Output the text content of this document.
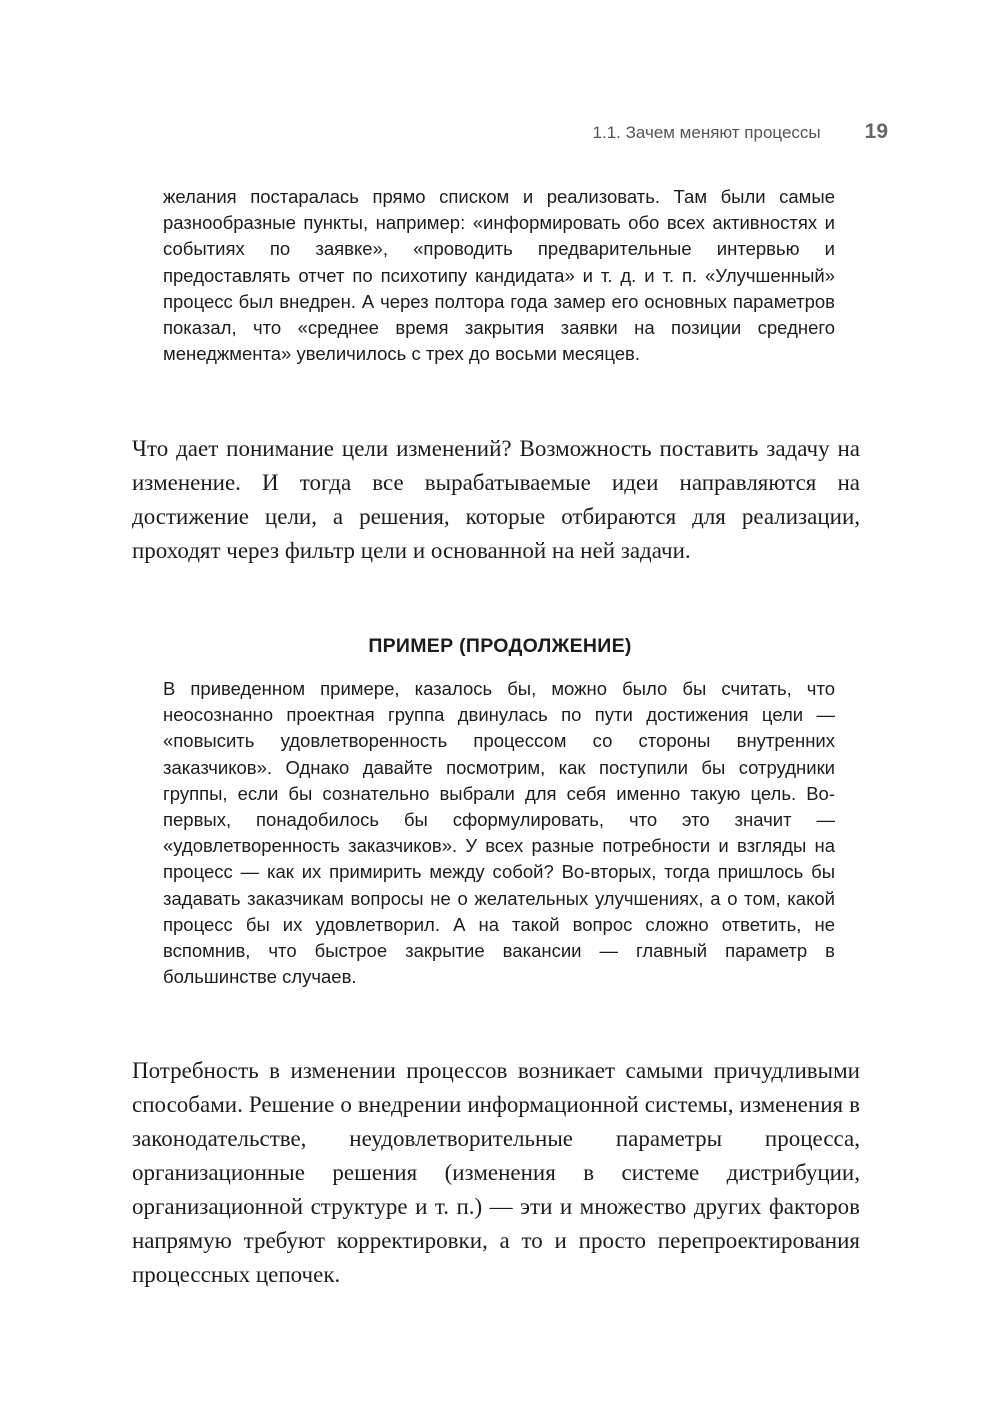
1.1. Зачем меняют процессы 19

желания постаралась прямо списком и реализовать. Там были самые разнообразные пункты, например: «информировать обо всех активностях и событиях по заявке», «проводить предварительные интервью и предоставлять отчет по психотипу кандидата» и т. д. и т. п. «Улучшенный» процесс был внедрен. А через полтора года замер его основных параметров показал, что «среднее время закрытия заявки на позиции среднего менеджмента» увеличилось с трех до восьми месяцев.

Что дает понимание цели изменений? Возможность поставить задачу на изменение. И тогда все вырабатываемые идеи направляются на достижение цели, а решения, которые отбираются для реализации, проходят через фильтр цели и основанной на ней задачи.

ПРИМЕР (ПРОДОЛЖЕНИЕ)

В приведенном примере, казалось бы, можно было бы считать, что неосознанно проектная группа двинулась по пути достижения цели — «повысить удовлетворенность процессом со стороны внутренних заказчиков». Однако давайте посмотрим, как поступили бы сотрудники группы, если бы сознательно выбрали для себя именно такую цель. Во-первых, понадобилось бы сформулировать, что это значит — «удовлетворенность заказчиков». У всех разные потребности и взгляды на процесс — как их примирить между собой? Во-вторых, тогда пришлось бы задавать заказчикам вопросы не о желательных улучшениях, а о том, какой процесс бы их удовлетворил. А на такой вопрос сложно ответить, не вспомнив, что быстрое закрытие вакансии — главный параметр в большинстве случаев.

Потребность в изменении процессов возникает самыми причудливыми способами. Решение о внедрении информационной системы, изменения в законодательстве, неудовлетворительные параметры процесса, организационные решения (изменения в системе дистрибуции, организационной структуре и т. п.) — эти и множество других факторов напрямую требуют корректировки, а то и просто перепроектирования процессных цепочек.
